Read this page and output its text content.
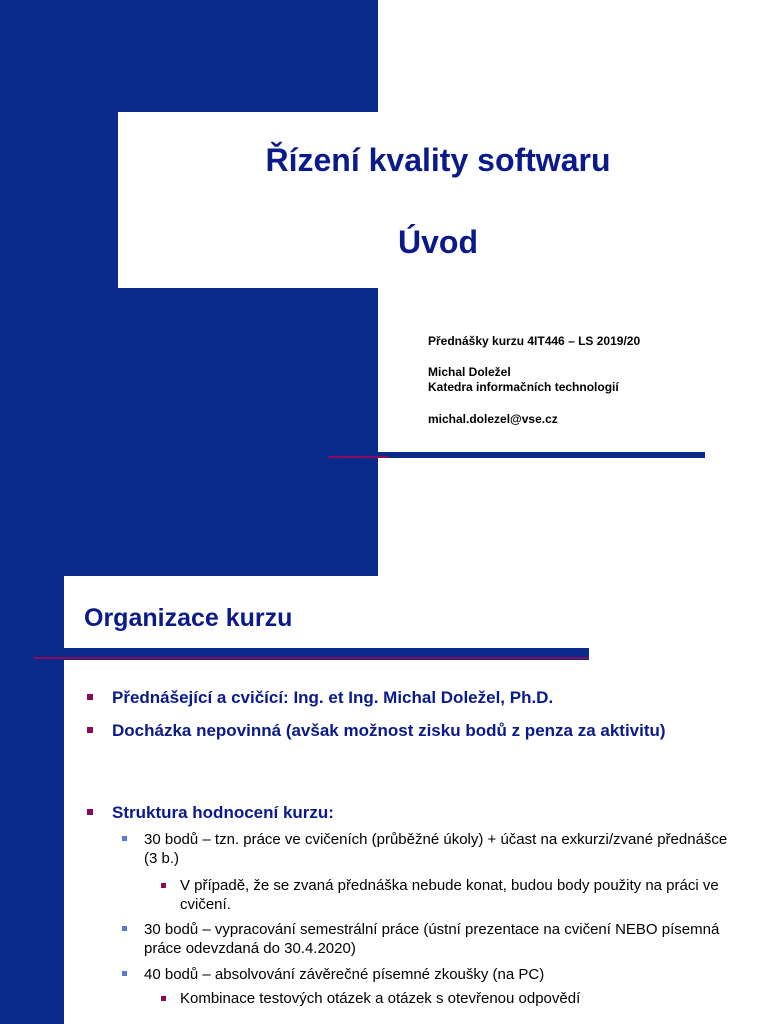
Řízení kvality softwaru
Úvod
Přednášky kurzu 4IT446 – LS 2019/20
Michal Doležel
Katedra informačních technologií
michal.dolezel@vse.cz
Organizace kurzu
Přednášející a cvičící: Ing. et Ing. Michal Doležel, Ph.D.
Docházka nepovinná (avšak možnost zisku bodů z penza za aktivitu)
Struktura hodnocení kurzu:
30 bodů – tzn. práce ve cvičeních (průběžné úkoly) + účast na exkurzi/zvané přednášce (3 b.)
V případě, že se zvaná přednáška nebude konat, budou body použity na práci ve cvičení.
30 bodů – vypracování semestrální práce (ústní prezentace na cvičení NEBO písemná práce odevzdaná do 30.4.2020)
40 bodů – absolvování závěrečné písemné zkoušky (na PC)
Kombinace testových otázek a otázek s otevřenou odpovědí
